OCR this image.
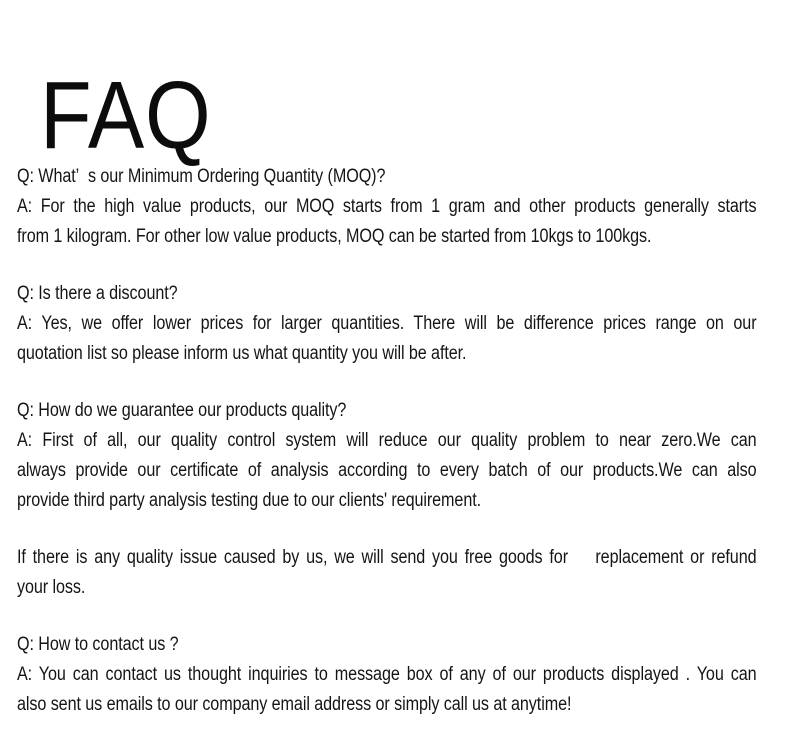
FAQ
Q: What’  s our Minimum Ordering Quantity (MOQ)?
A: For the high value products, our MOQ starts from 1 gram and other products generally starts
from 1 kilogram. For other low value products, MOQ can be started from 10kgs to 100kgs.
Q: Is there a discount?
A: Yes, we offer lower prices for larger quantities. There will be difference prices range on our
quotation list so please inform us what quantity you will be after.
Q: How do we guarantee our products quality?
A: First of all, our quality control system will reduce our quality problem to near zero.We can
always provide our certificate of analysis according to every batch of our products.We can also
provide third party analysis testing due to our clients' requirement.
If there is any quality issue caused by us, we will send you free goods for    replacement or refund
your loss.
Q: How to contact us ?
A: You can contact us thought inquiries to message box of any of our products displayed . You can
also sent us emails to our company email address or simply call us at anytime!
